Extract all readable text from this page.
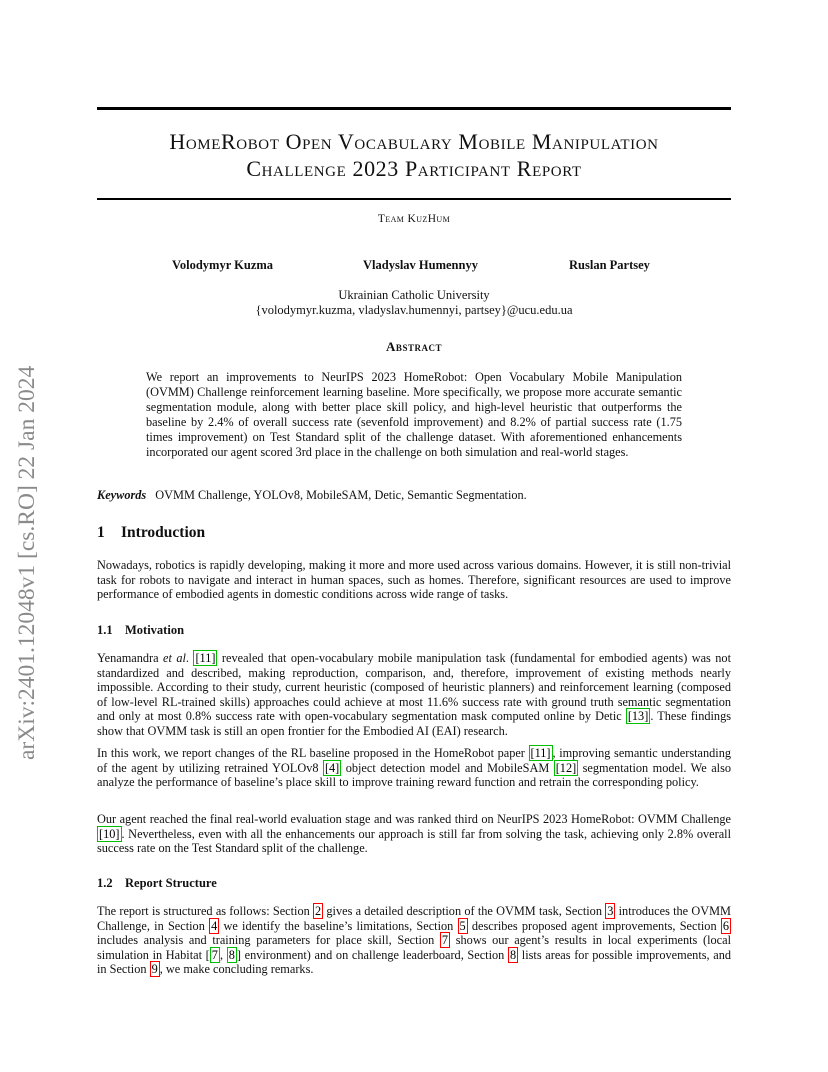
arXiv:2401.12048v1 [cs.RO] 22 Jan 2024
HomeRobot Open Vocabulary Mobile Manipulation
Challenge 2023 Participant Report
Team KuzHum
Volodymyr Kuzma	Vladyslav Humennyy	Ruslan Partsey
Ukrainian Catholic University
{volodymyr.kuzma, vladyslav.humennyi, partsey}@ucu.edu.ua
Abstract
We report an improvements to NeurIPS 2023 HomeRobot: Open Vocabulary Mobile Manipulation (OVMM) Challenge reinforcement learning baseline. More specifically, we propose more accurate semantic segmentation module, along with better place skill policy, and high-level heuristic that outperforms the baseline by 2.4% of overall success rate (sevenfold improvement) and 8.2% of partial success rate (1.75 times improvement) on Test Standard split of the challenge dataset. With aforementioned enhancements incorporated our agent scored 3rd place in the challenge on both simulation and real-world stages.
Keywords OVMM Challenge, YOLOv8, MobileSAM, Detic, Semantic Segmentation.
1 Introduction
Nowadays, robotics is rapidly developing, making it more and more used across various domains. However, it is still non-trivial task for robots to navigate and interact in human spaces, such as homes. Therefore, significant resources are used to improve performance of embodied agents in domestic conditions across wide range of tasks.
1.1 Motivation
Yenamandra et al. [11] revealed that open-vocabulary mobile manipulation task (fundamental for embodied agents) was not standardized and described, making reproduction, comparison, and, therefore, improvement of existing methods nearly impossible. According to their study, current heuristic (composed of heuristic planners) and reinforcement learning (composed of low-level RL-trained skills) approaches could achieve at most 11.6% success rate with ground truth semantic segmentation and only at most 0.8% success rate with open-vocabulary segmentation mask computed online by Detic [13] . These findings show that OVMM task is still an open frontier for the Embodied AI (EAI) research.
In this work, we report changes of the RL baseline proposed in the HomeRobot paper [11] , improving semantic understanding of the agent by utilizing retrained YOLOv8 [4] object detection model and MobileSAM [12] segmentation model. We also analyze the performance of baseline’s place skill to improve training reward function and retrain the corresponding policy.
Our agent reached the final real-world evaluation stage and was ranked third on NeurIPS 2023 HomeRobot: OVMM Challenge [10] . Nevertheless, even with all the enhancements our approach is still far from solving the task, achieving only 2.8% overall success rate on the Test Standard split of the challenge.
1.2 Report Structure
The report is structured as follows: Section 2 gives a detailed description of the OVMM task, Section 3 introduces the OVMM Challenge, in Section 4 we identify the baseline’s limitations, Section 5 describes proposed agent improvements, Section 6 includes analysis and training parameters for place skill, Section 7 shows our agent’s results in local experiments (local simulation in Habitat [ 7 , 8 ] environment) and on challenge leaderboard, Section 8 lists areas for possible improvements, and in Section 9 , we make concluding remarks.
